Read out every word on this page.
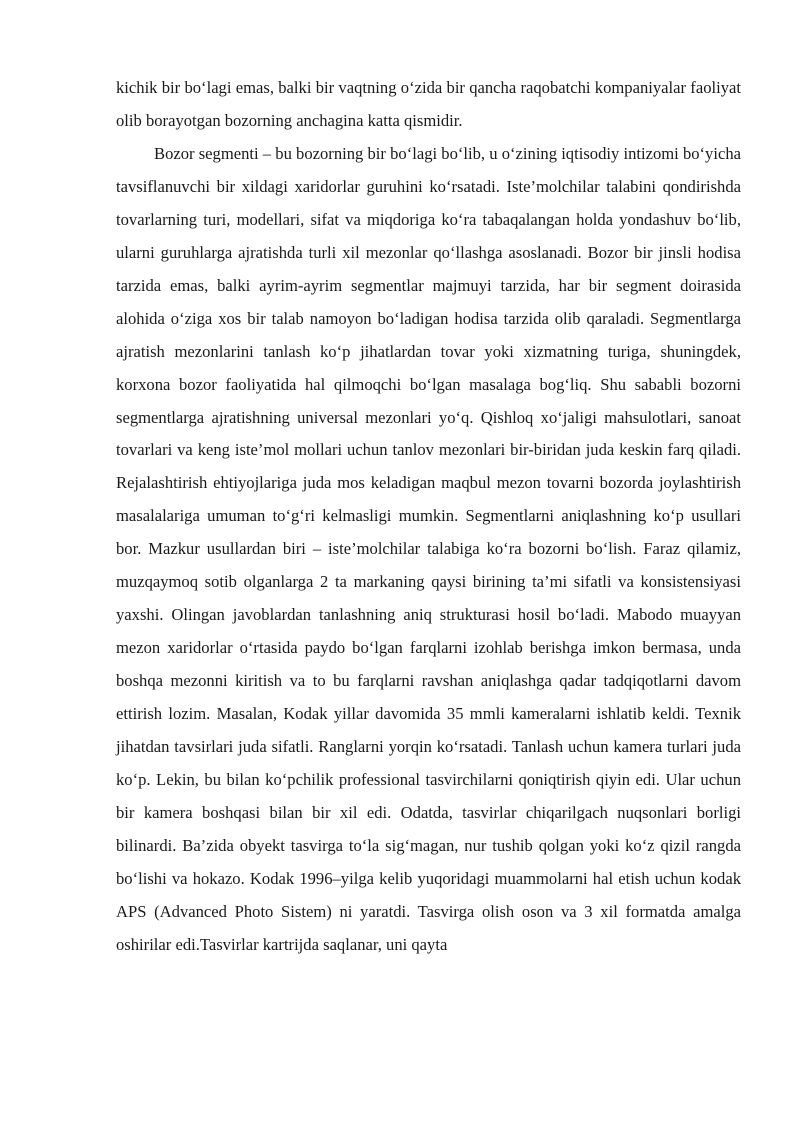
kichik bir bo‘lagi emas, balki bir vaqtning o‘zida bir qancha raqobatchi kompaniyalar faoliyat olib borayotgan bozorning anchagina katta qismidir.

Bozor segmenti – bu bozorning bir bo‘lagi bo‘lib, u o‘zining iqtisodiy intizomi bo‘yicha tavsiflanuvchi bir xildagi xaridorlar guruhini ko‘rsatadi. Iste’molchilar talabini qondirishda tovarlarning turi, modellari, sifat va miqdoriga ko‘ra tabaqalangan holda yondashuv bo‘lib, ularni guruhlarga ajratishda turli xil mezonlar qo‘llashga asoslanadi. Bozor bir jinsli hodisa tarzida emas, balki ayrim-ayrim segmentlar majmuyi tarzida, har bir segment doirasida alohida o‘ziga xos bir talab namoyon bo‘ladigan hodisa tarzida olib qaraladi. Segmentlarga ajratish mezonlarini tanlash ko‘p jihatlardan tovar yoki xizmatning turiga, shuningdek, korxona bozor faoliyatida hal qilmoqchi bo‘lgan masalaga bog‘liq. Shu sababli bozorni segmentlarga ajratishning universal mezonlari yo‘q. Qishloq xo‘jaligi mahsulotlari, sanoat tovarlari va keng iste’mol mollari uchun tanlov mezonlari bir-biridan juda keskin farq qiladi. Rejalashtirish ehtiyojlariga juda mos keladigan maqbul mezon tovarni bozorda joylashtirish masalalariga umuman to‘g‘ri kelmasligi mumkin. Segmentlarni aniqlashning ko‘p usullari bor. Mazkur usullardan biri – iste’molchilar talabiga ko‘ra bozorni bo‘lish. Faraz qilamiz, muzqaymoq sotib olganlarga 2 ta markaning qaysi birining ta’mi sifatli va konsistensiyasi yaxshi. Olingan javoblardan tanlashning aniq strukturasi hosil bo‘ladi. Mabodo muayyan mezon xaridorlar o‘rtasida paydo bo‘lgan farqlarni izohlab berishga imkon bermasa, unda boshqa mezonni kiritish va to bu farqlarni ravshan aniqlashga qadar tadqiqotlarni davom ettirish lozim. Masalan, Kodak yillar davomida 35 mmli kameralarni ishlatib keldi. Texnik jihatdan tavsirlari juda sifatli. Ranglarni yorqin ko‘rsatadi. Tanlash uchun kamera turlari juda ko‘p. Lekin, bu bilan ko‘pchilik professional tasvirchilarni qoniqtirish qiyin edi. Ular uchun bir kamera boshqasi bilan bir xil edi. Odatda, tasvirlar chiqarilgach nuqsonlari borligi bilinardi. Ba’zida obyekt tasvirga to‘la sig‘magan, nur tushib qolgan yoki ko‘z qizil rangda bo‘lishi va hokazo. Kodak 1996–yilga kelib yuqoridagi muammolarni hal etish uchun kodak APS (Advanced Photo Sistem) ni yaratdi. Tasvirga olish oson va 3 xil formatda amalga oshirilar edi.Tasvirlar kartrijda saqlanar, uni qayta
